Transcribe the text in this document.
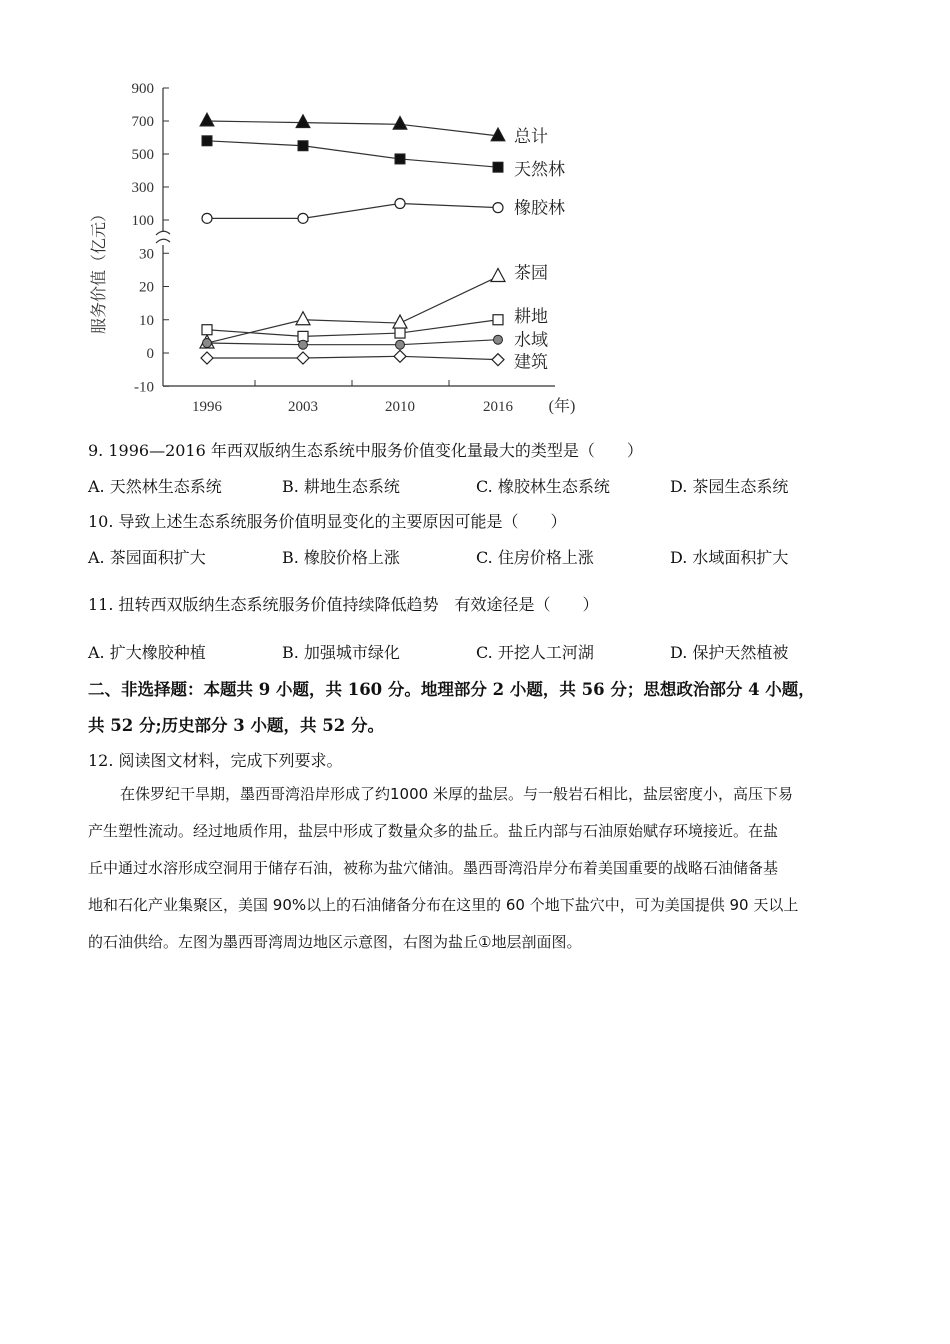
服务价值（亿元） 100
300
500
700
900
-10
0
10
20
30
1996	2003	2010	2016 (年)
总计
天然林
橡胶林
茶园
耕地
水域
建筑
9. 1996—2016 年西双版纳生态系统中服务价值变化量最大的类型是（　　）
A. 天然林生态系统	B. 耕地生态系统	C. 橡胶林生态系统	D. 茶园生态系统
10. 导致上述生态系统服务价值明显变化的主要原因可能是（　　）
A. 茶园面积扩大	B. 橡胶价格上涨	C. 住房价格上涨	D. 水域面积扩大
11. 扭转西双版纳生态系统服务价值持续降低趋势　有效途径是（　　）
A. 扩大橡胶种植	B. 加强城市绿化	C. 开挖人工河湖	D. 保护天然植被
二、非选择题：本题共 9 小题，共 160 分。地理部分 2 小题，共 56 分；思想政治部分 4 小题，
共 52 分;历史部分 3 小题，共 52 分。
12. 阅读图文材料，完成下列要求。
在侏罗纪干旱期，墨西哥湾沿岸形成了约1000 米厚的盐层。与一般岩石相比，盐层密度小，高压下易
产生塑性流动。经过地质作用，盐层中形成了数量众多的盐丘。盐丘内部与石油原始赋存环境接近。在盐
丘中通过水溶形成空洞用于储存石油，被称为盐穴储油。墨西哥湾沿岸分布着美国重要的战略石油储备基
地和石化产业集聚区，美国 90%以上的石油储备分布在这里的 60 个地下盐穴中，可为美国提供 90 天以上
的石油供给。左图为墨西哥湾周边地区示意图，右图为盐丘①地层剖面图。
